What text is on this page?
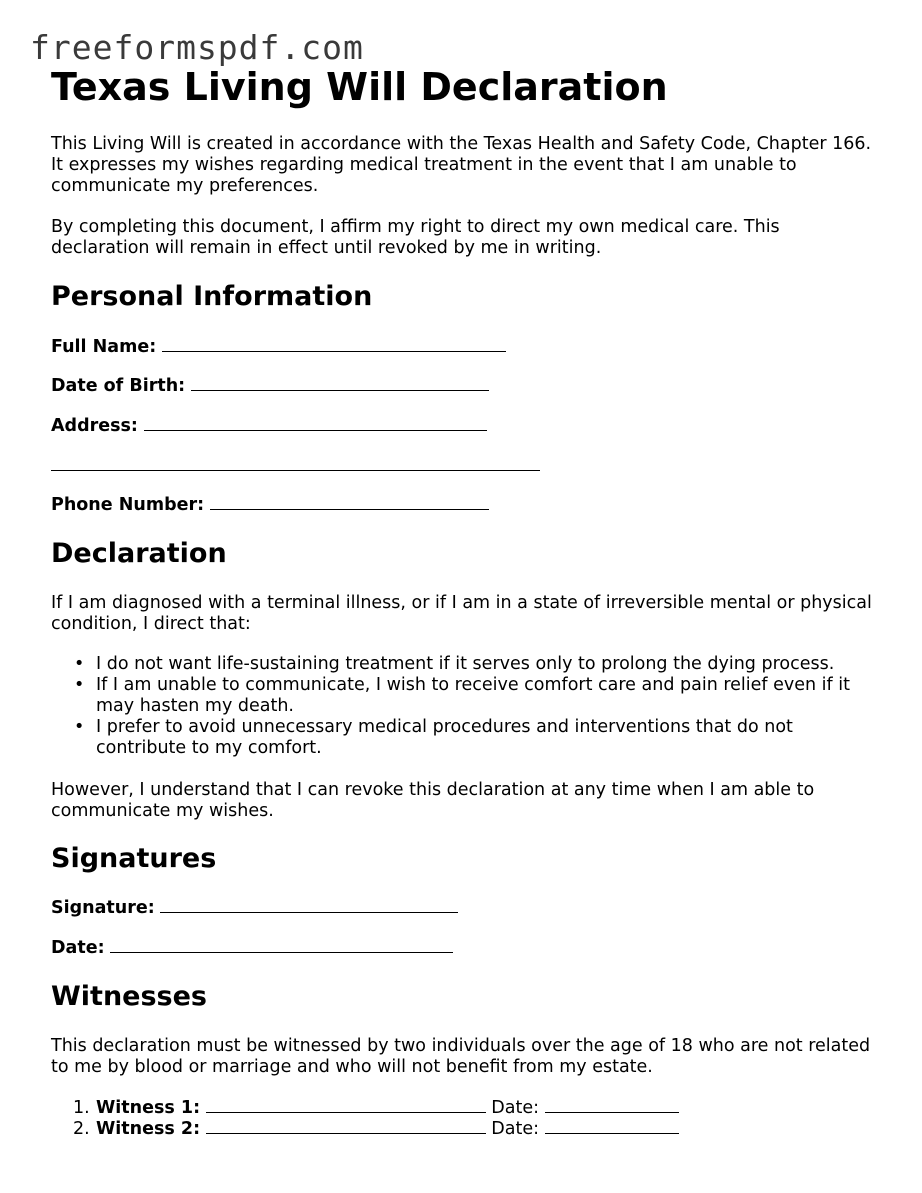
freeformspdf.com
Texas Living Will Declaration

This Living Will is created in accordance with the Texas Health and Safety Code, Chapter 166. It expresses my wishes regarding medical treatment in the event that I am unable to communicate my preferences.

By completing this document, I affirm my right to direct my own medical care. This declaration will remain in effect until revoked by me in writing.

Personal Information
Full Name:
Date of Birth:
Address:
Phone Number:
Declaration

If I am diagnosed with a terminal illness, or if I am in a state of irreversible mental or physical condition, I direct that:

• I do not want life-sustaining treatment if it serves only to prolong the dying process.
• If I am unable to communicate, I wish to receive comfort care and pain relief even if it may hasten my death.
• I prefer to avoid unnecessary medical procedures and interventions that do not contribute to my comfort.

However, I understand that I can revoke this declaration at any time when I am able to communicate my wishes.

Signatures
Signature:
Date:
Witnesses

This declaration must be witnessed by two individuals over the age of 18 who are not related to me by blood or marriage and who will not benefit from my estate.

1. Witness 1:	Date:
2. Witness 2:	Date:
